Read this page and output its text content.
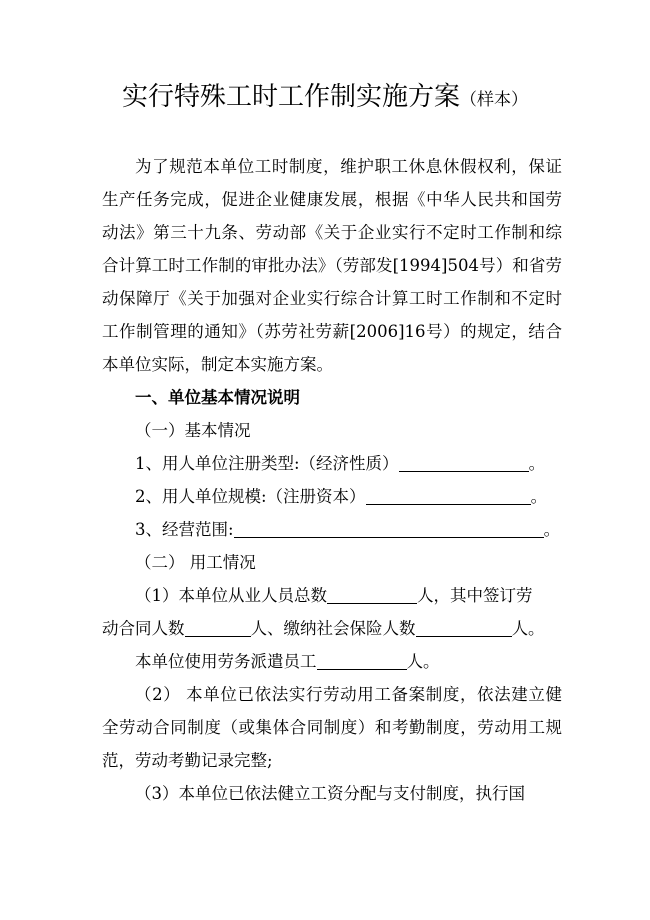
实行特殊工时工作制实施方案（样本）

为了规范本单位工时制度，维护职工休息休假权利，保证生产任务完成，促进企业健康发展，根据《中华人民共和国劳动法》第三十九条、劳动部《关于企业实行不定时工作制和综合计算工时工作制的审批办法》（劳部发[1994]504号）和省劳动保障厅《关于加强对企业实行综合计算工时工作制和不定时工作制管理的通知》（苏劳社劳薪[2006]16号）的规定，结合本单位实际，制定本实施方案。

一、单位基本情况说明

（一）基本情况

1、用人单位注册类型:（经济性质）	。

2、用人单位规模:（注册资本）	。

3、经营范围:	。

（二） 用工情况

（1）本单位从业人员总数	人，其中签订劳

动合同人数	人、缴纳社会保险人数	人。

本单位使用劳务派遣员工	人。

（2） 本单位已依法实行劳动用工备案制度，依法建立健全劳动合同制度（或集体合同制度）和考勤制度，劳动用工规范，劳动考勤记录完整;

（3）本单位已依法健立工资分配与支付制度，执行国
